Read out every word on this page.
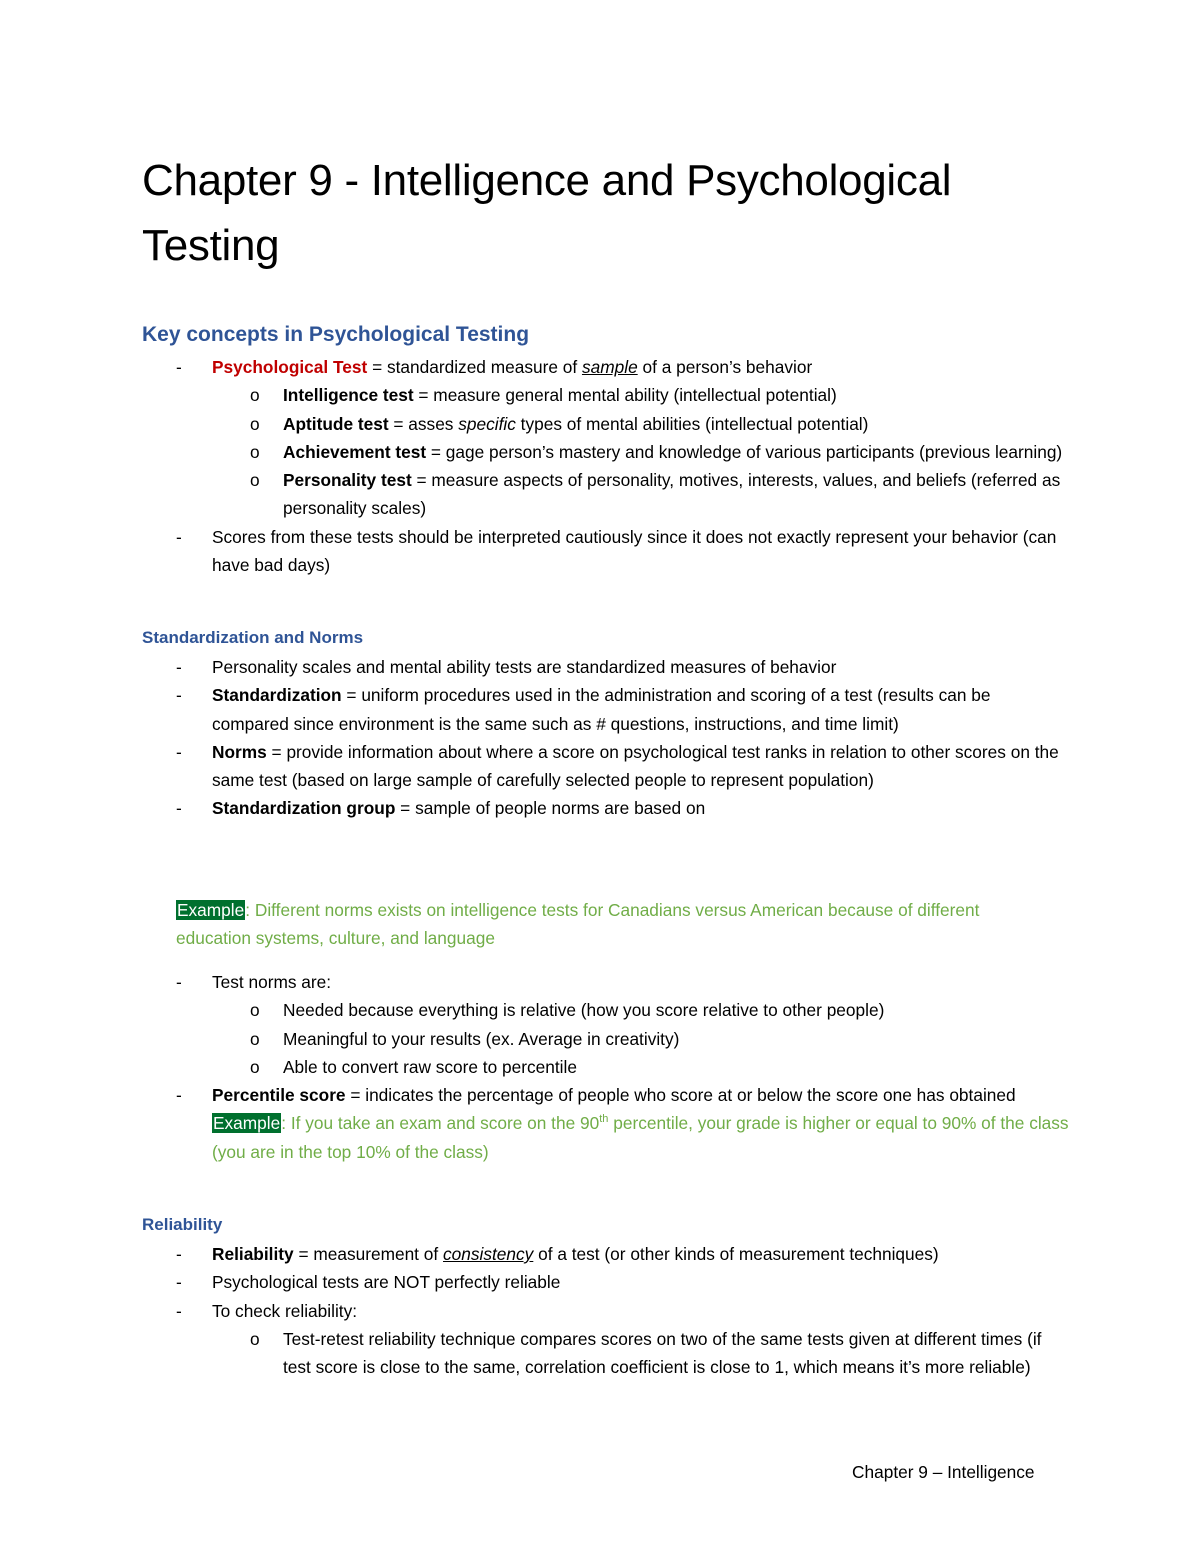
Chapter 9 - Intelligence and Psychological Testing
Key concepts in Psychological Testing
- Psychological Test = standardized measure of sample of a person’s behavior
o Intelligence test = measure general mental ability (intellectual potential)
o Aptitude test = asses specific types of mental abilities (intellectual potential)
o Achievement test = gage person’s mastery and knowledge of various participants (previous learning)
o Personality test = measure aspects of personality, motives, interests, values, and beliefs (referred as personality scales)
- Scores from these tests should be interpreted cautiously since it does not exactly represent your behavior (can have bad days)
Standardization and Norms
- Personality scales and mental ability tests are standardized measures of behavior
- Standardization = uniform procedures used in the administration and scoring of a test (results can be compared since environment is the same such as # questions, instructions, and time limit)
- Norms = provide information about where a score on psychological test ranks in relation to other scores on the same test (based on large sample of carefully selected people to represent population)
- Standardization group = sample of people norms are based on
Example: Different norms exists on intelligence tests for Canadians versus American because of different education systems, culture, and language
- Test norms are:
o Needed because everything is relative (how you score relative to other people)
o Meaningful to your results (ex. Average in creativity)
o Able to convert raw score to percentile
- Percentile score = indicates the percentage of people who score at or below the score one has obtained
Example: If you take an exam and score on the 90th percentile, your grade is higher or equal to 90% of the class (you are in the top 10% of the class)
Reliability
- Reliability = measurement of consistency of a test (or other kinds of measurement techniques)
- Psychological tests are NOT perfectly reliable
- To check reliability:
o Test-retest reliability technique compares scores on two of the same tests given at different times (if test score is close to the same, correlation coefficient is close to 1, which means it’s more reliable)
Chapter 9 – Intelligence
